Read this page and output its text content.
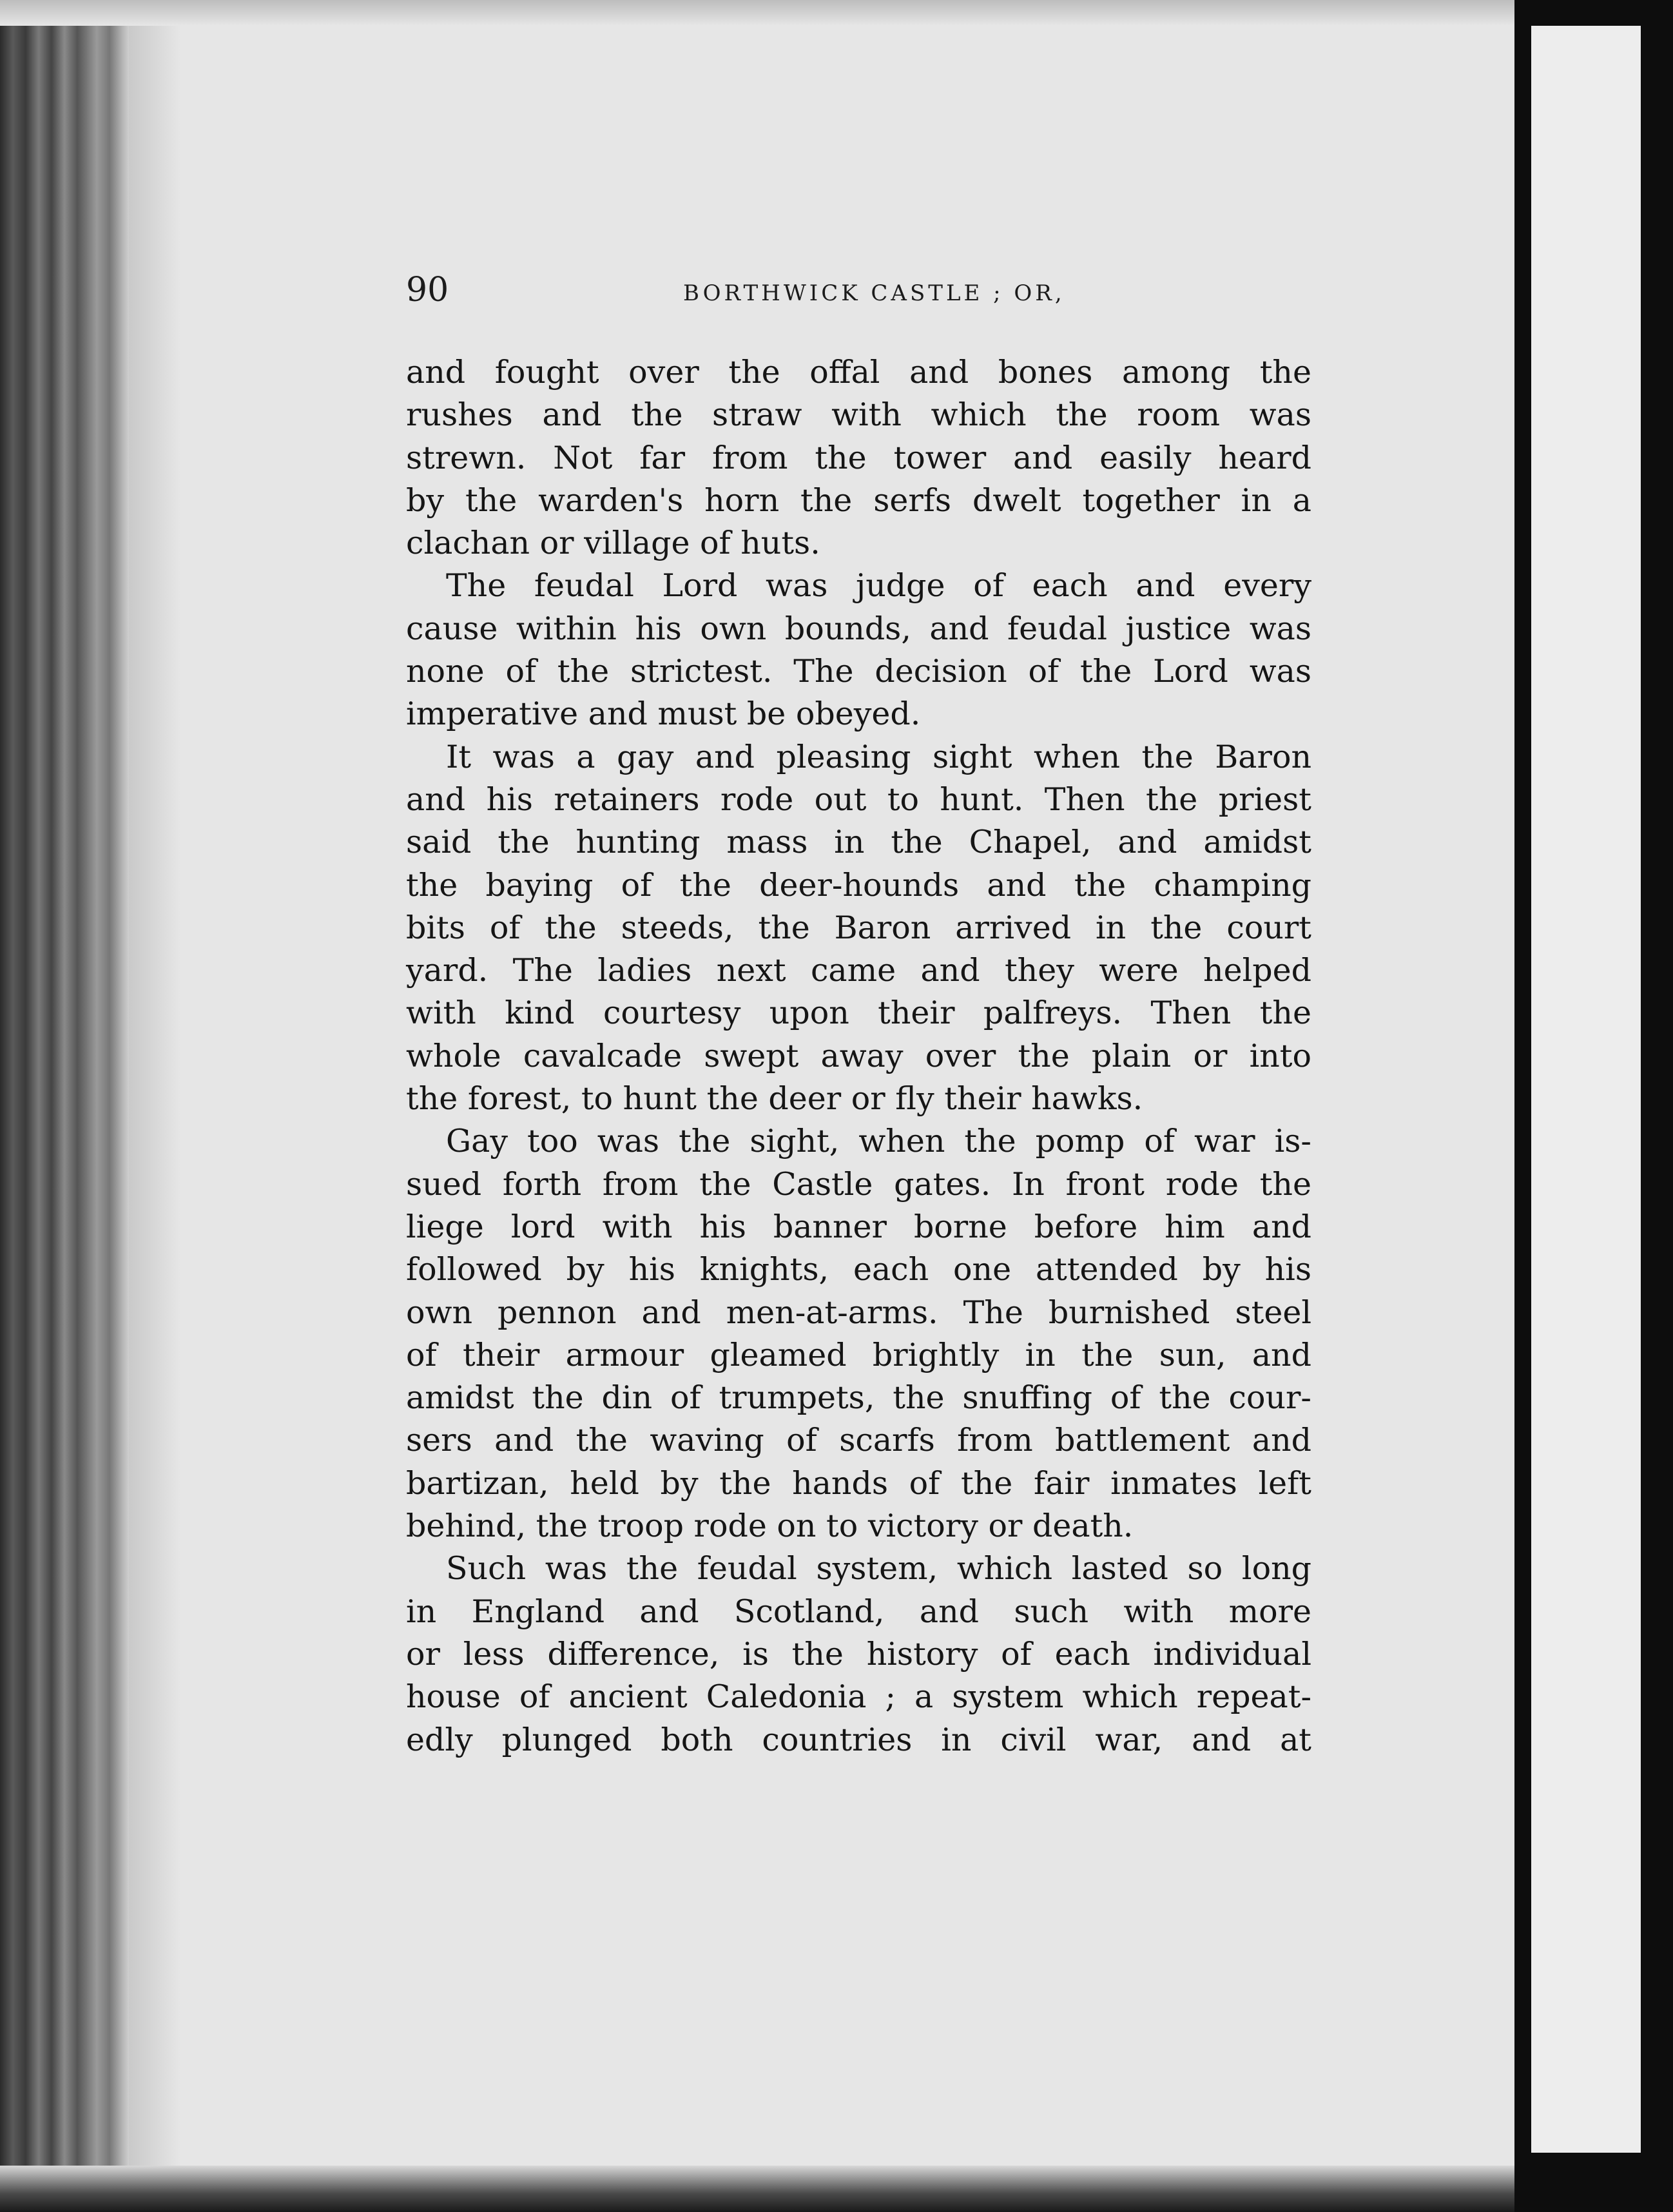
90	BORTHWICK CASTLE ; OR,
and fought over the offal and bones among the
rushes and the straw with which the room was
strewn. Not far from the tower and easily heard
by the warden's horn the serfs dwelt together in a
clachan or village of huts.
The feudal Lord was judge of each and every
cause within his own bounds, and feudal justice was
none of the strictest. The decision of the Lord was
imperative and must be obeyed.
It was a gay and pleasing sight when the Baron
and his retainers rode out to hunt. Then the priest
said the hunting mass in the Chapel, and amidst
the baying of the deer-hounds and the champing
bits of the steeds, the Baron arrived in the court
yard. The ladies next came and they were helped
with kind courtesy upon their palfreys. Then the
whole cavalcade swept away over the plain or into
the forest, to hunt the deer or fly their hawks.
Gay too was the sight, when the pomp of war is-
sued forth from the Castle gates. In front rode the
liege lord with his banner borne before him and
followed by his knights, each one attended by his
own pennon and men-at-arms. The burnished steel
of their armour gleamed brightly in the sun, and
amidst the din of trumpets, the snuffing of the cour-
sers and the waving of scarfs from battlement and
bartizan, held by the hands of the fair inmates left
behind, the troop rode on to victory or death.
Such was the feudal system, which lasted so long
in England and Scotland, and such with more
or less difference, is the history of each individual
house of ancient Caledonia ; a system which repeat-
edly plunged both countries in civil war, and at
